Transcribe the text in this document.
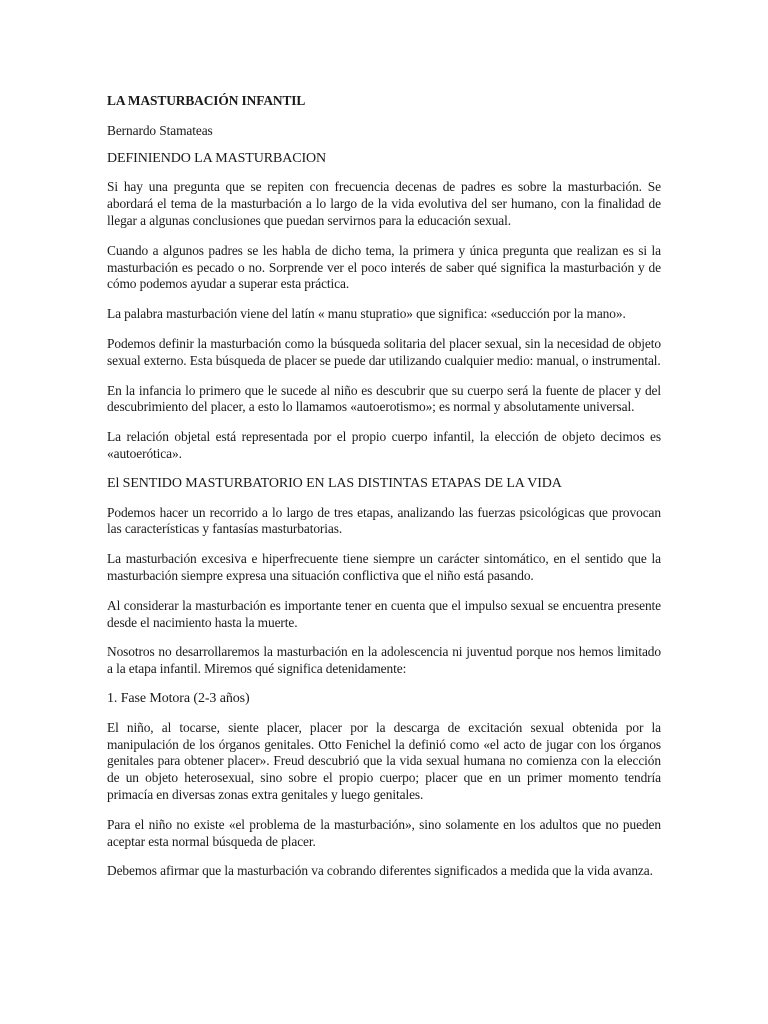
LA MASTURBACIÓN INFANTIL

Bernardo Stamateas

DEFINIENDO LA MASTURBACION

Si hay una pregunta que se repiten con frecuencia decenas de padres es sobre la masturbación. Se abordará el tema de la masturbación a lo largo de la vida evolutiva del ser humano, con la finalidad de llegar a algunas conclusiones que puedan servirnos para la educación sexual.

Cuando a algunos padres se les habla de dicho tema, la primera y única pregunta que realizan es si la masturbación es pecado o no. Sorprende ver el poco interés de saber qué significa la masturbación y de cómo podemos ayudar a superar esta práctica.

La palabra masturbación viene del latín « manu stupratio» que significa: «seducción por la mano».

Podemos definir la masturbación como la búsqueda solitaria del placer sexual, sin la necesidad de objeto sexual externo. Esta búsqueda de placer se puede dar utilizando cualquier medio: manual, o instrumental.

En la infancia lo primero que le sucede al niño es descubrir que su cuerpo será la fuente de placer y del descubrimiento del placer, a esto lo llamamos «autoerotismo»; es normal y absolutamente universal.

La relación objetal está representada por el propio cuerpo infantil, la elección de objeto decimos es «autoerótica».

El SENTIDO MASTURBATORIO EN LAS DISTINTAS ETAPAS DE LA VIDA

Podemos hacer un recorrido a lo largo de tres etapas, analizando las fuerzas psicológicas que provocan las características y fantasías masturbatorias.

La masturbación excesiva e hiperfrecuente tiene siempre un carácter sintomático, en el sentido que la masturbación siempre expresa una situación conflictiva que el niño está pasando.

Al considerar la masturbación es importante tener en cuenta que el impulso sexual se encuentra presente desde el nacimiento hasta la muerte.

Nosotros no desarrollaremos la masturbación en la adolescencia ni juventud porque nos hemos limitado a la etapa infantil. Miremos qué significa detenidamente:

1. Fase Motora (2-3 años)

El niño, al tocarse, siente placer, placer por la descarga de excitación sexual obtenida por la manipulación de los órganos genitales. Otto Fenichel la definió como «el acto de jugar con los órganos genitales para obtener placer». Freud descubrió que la vida sexual humana no comienza con la elección de un objeto heterosexual, sino sobre el propio cuerpo; placer que en un primer momento tendría primacía en diversas zonas extra genitales y luego genitales.

Para el niño no existe «el problema de la masturbación», sino solamente en los adultos que no pueden aceptar esta normal búsqueda de placer.

Debemos afirmar que la masturbación va cobrando diferentes significados a medida que la vida avanza.
